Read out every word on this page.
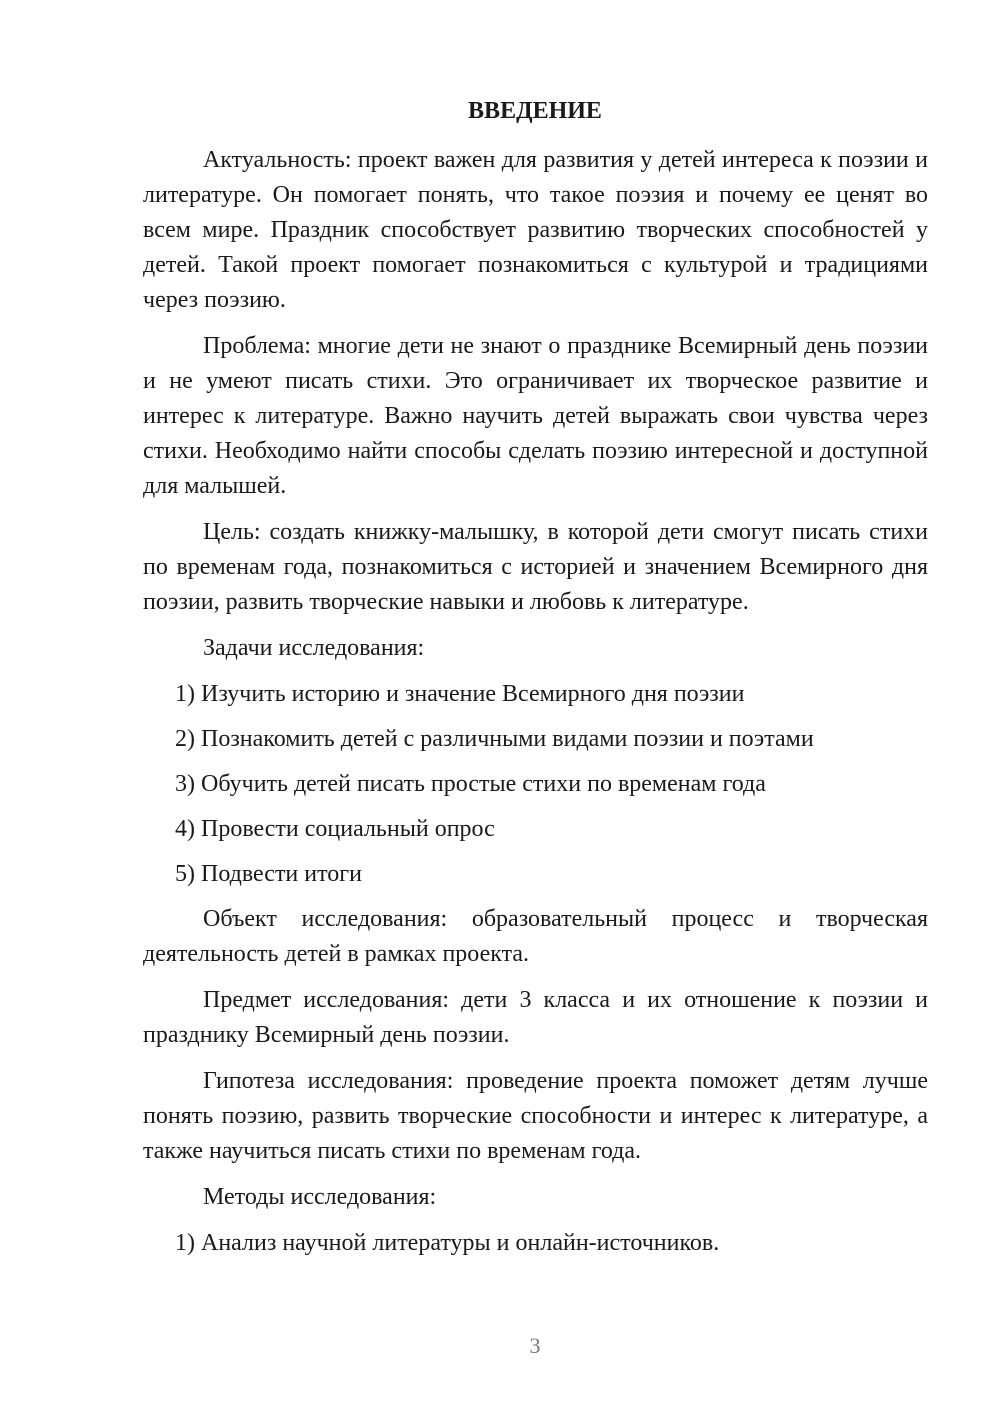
ВВЕДЕНИЕ

Актуальность: проект важен для развития у детей интереса к поэзии и литературе. Он помогает понять, что такое поэзия и почему ее ценят во всем мире. Праздник способствует развитию творческих способностей у детей. Такой проект помогает познакомиться с культурой и традициями через поэзию.

Проблема: многие дети не знают о празднике Всемирный день поэзии и не умеют писать стихи. Это ограничивает их творческое развитие и интерес к литературе. Важно научить детей выражать свои чувства через стихи. Необходимо найти способы сделать поэзию интересной и доступной для малышей.

Цель: создать книжку-малышку, в которой дети смогут писать стихи по временам года, познакомиться с историей и значением Всемирного дня поэзии, развить творческие навыки и любовь к литературе.

Задачи исследования:

1) Изучить историю и значение Всемирного дня поэзии

2) Познакомить детей с различными видами поэзии и поэтами

3) Обучить детей писать простые стихи по временам года

4) Провести социальный опрос

5) Подвести итоги

Объект исследования: образовательный процесс и творческая деятельность детей в рамках проекта.

Предмет исследования: дети 3 класса и их отношение к поэзии и празднику Всемирный день поэзии.

Гипотеза исследования: проведение проекта поможет детям лучше понять поэзию, развить творческие способности и интерес к литературе, а также научиться писать стихи по временам года.

Методы исследования:

1) Анализ научной литературы и онлайн-источников.

3
